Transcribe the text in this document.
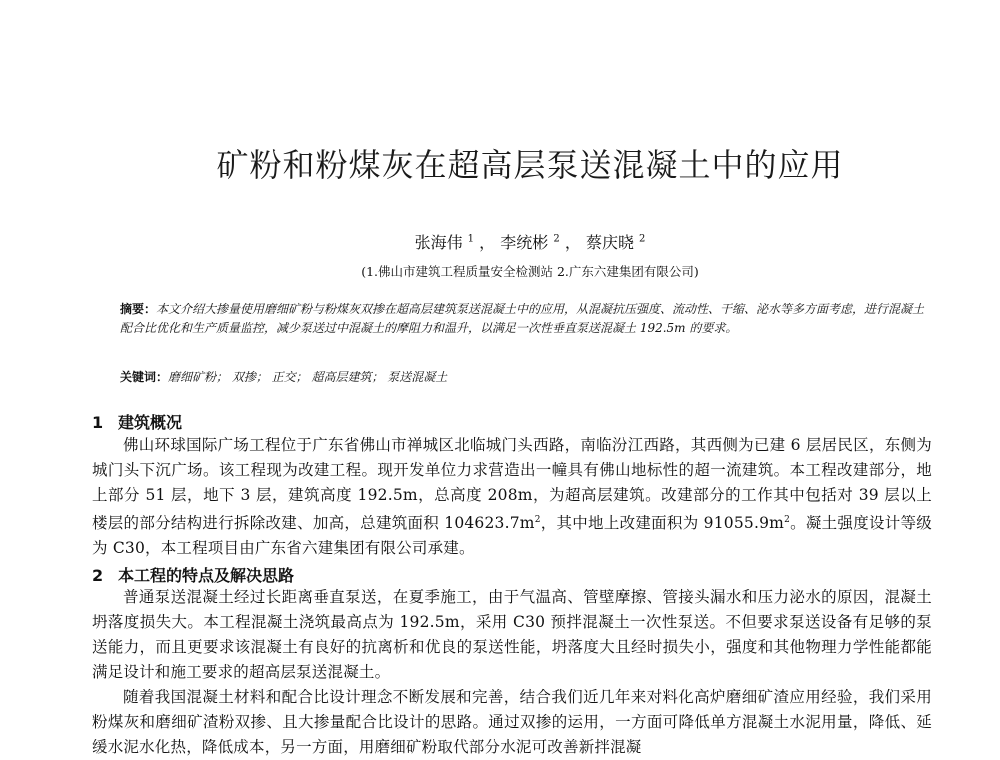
矿粉和粉煤灰在超高层泵送混凝土中的应用
张海伟 $^1$ ， 李统彬 $^2$ ， 蔡庆晓 $^2$
(1.佛山市建筑工程质量安全检测站 2.广东六建集团有限公司)
摘要：本文介绍大掺量使用磨细矿粉与粉煤灰双掺在超高层建筑泵送混凝土中的应用，从混凝抗压强度、流动性、干缩、泌水等多方面考虑，进行混凝土配合比优化和生产质量监控，减少泵送过中混凝土的摩阻力和温升，以满足一次性垂直泵送混凝土 192.5m 的要求。
关键词：磨细矿粉； 双掺； 正交； 超高层建筑； 泵送混凝土
1 建筑概况
佛山环球国际广场工程位于广东省佛山市禅城区北临城门头西路，南临汾江西路，其西侧为已建 6 层居民区，东侧为城门头下沉广场。该工程现为改建工程。现开发单位力求营造出一幢具有佛山地标性的超一流建筑。本工程改建部分，地上部分 51 层，地下 3 层，建筑高度 192.5m，总高度 208m，为超高层建筑。改建部分的工作其中包括对 39 层以上楼层的部分结构进行拆除改建、加高，总建筑面积 $104623.7m^2$，其中地上改建面积为 $91055.9m^2$。凝土强度设计等级为 C30，本工程项目由广东省六建集团有限公司承建。
2 本工程的特点及解决思路
普通泵送混凝土经过长距离垂直泵送，在夏季施工，由于气温高、管壁摩擦、管接头漏水和压力泌水的原因，混凝土坍落度损失大。本工程混凝土浇筑最高点为 192.5m，采用 C30 预拌混凝土一次性泵送。不但要求泵送设备有足够的泵送能力，而且更要求该混凝土有良好的抗离析和优良的泵送性能，坍落度大且经时损失小，强度和其他物理力学性能都能满足设计和施工要求的超高层泵送混凝土。
随着我国混凝土材料和配合比设计理念不断发展和完善，结合我们近几年来对料化高炉磨细矿渣应用经验，我们采用粉煤灰和磨细矿渣粉双掺、且大掺量配合比设计的思路。通过双掺的运用，一方面可降低单方混凝土水泥用量，降低、延缓水泥水化热，降低成本，另一方面，用磨细矿粉取代部分水泥可改善新拌混凝
